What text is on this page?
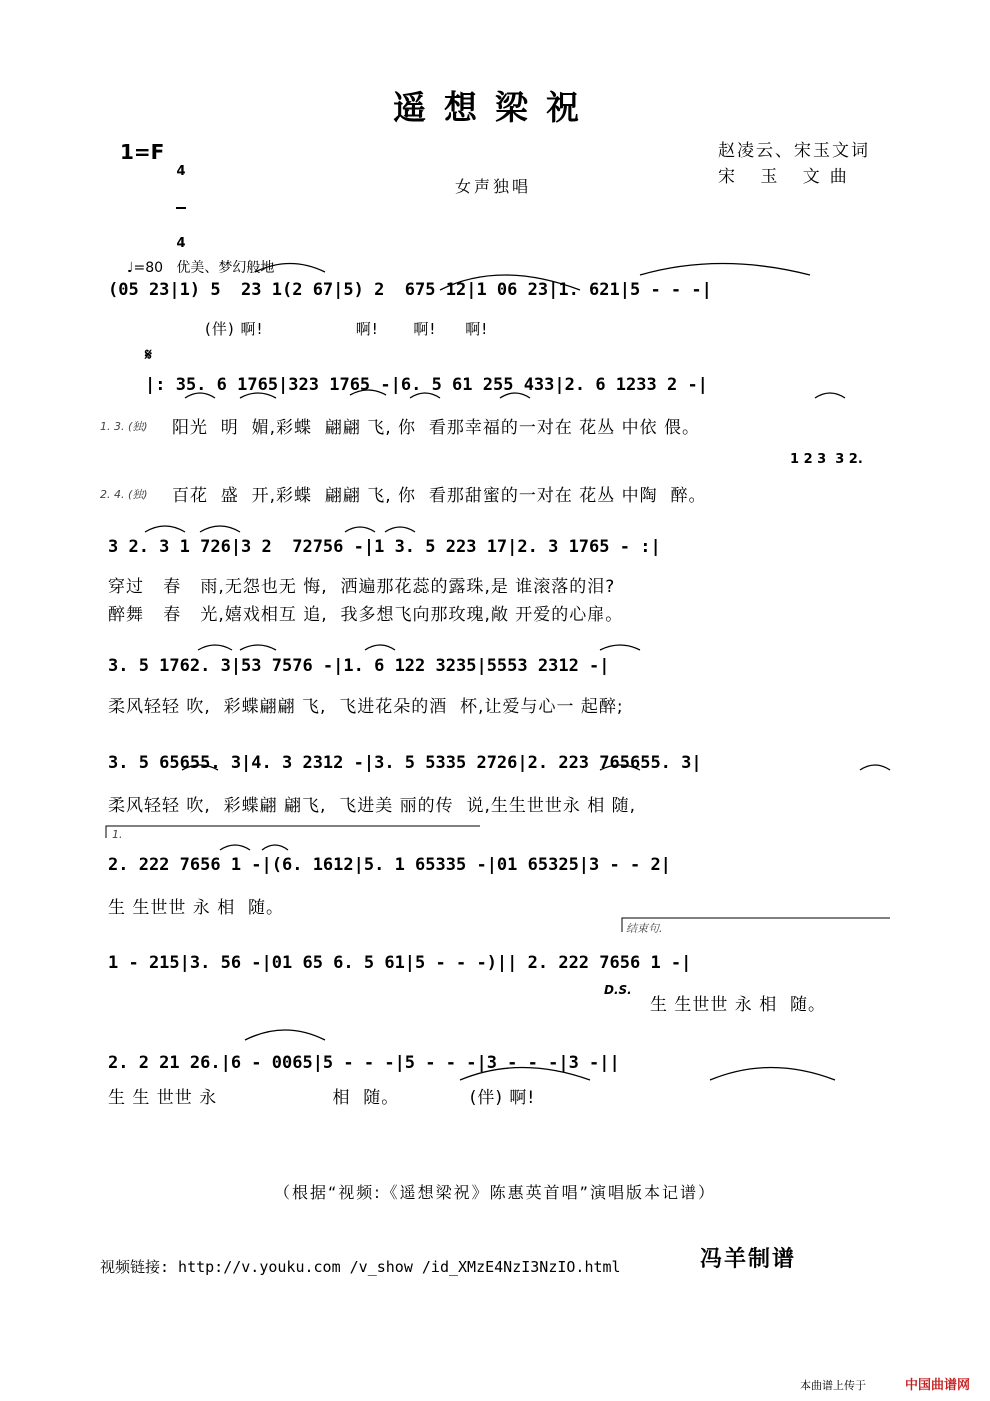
遥想梁祝
1=F

4

4

赵凌云、宋玉文词
宋 玉 文曲
女声独唱

♩=80 优美、梦幻般地

(05 23|1) 5  23 1(2 67|5) 2  675 12|1 06 23|1. 621|5 - - -|
(伴) 啊!                啊!      啊!     啊!
𝄋
|: 35. 6 1765|323 1765 -|6. 5 61 255 433|2. 6 1233 2 -|
1. 3. (独) 阳光  明  媚,彩蝶  翩翩 飞, 你  看那幸福的一对在 花丛 中依 偎。
1 2 3  3 2.
2. 4. (独) 百花  盛  开,彩蝶  翩翩 飞, 你  看那甜蜜的一对在 花丛 中陶  醉。
3 2. 3 1 726|3 2  72756 -|1 3. 5 223 17|2. 3 1765 - :|
穿过   春   雨,无怨也无 悔,  洒遍那花蕊的露珠,是 谁滚落的泪?
醉舞   春   光,嬉戏相互 追,  我多想飞向那玫瑰,敞 开爱的心扉。
3. 5 1762. 3|53 7576 -|1. 6 122 3235|5553 2312 -|
柔风轻轻 吹,  彩蝶翩翩 飞,  飞进花朵的酒  杯,让爱与心一 起醉;
3. 5 65655. 3|4. 3 2312 -|3. 5 5335 2726|2. 223 765655. 3|
柔风轻轻 吹,  彩蝶翩 翩飞,  飞进美 丽的传  说,生生世世永 相 随,
1.
2. 222 7656 1 -|(6. 1612|5. 1 65335 -|01 65325|3 - - 2|
生 生世世 永 相  随。
结束句.
1 - 215|3. 56 -|01 65 6. 5 61|5 - - -)|| 2. 222 7656 1 -|
D.S.
生 生世世 永 相  随。
2. 2 21 26.|6 - 0065|5 - - -|5 - - -|3 - - -|3 -||
生 生 世世 永                  相  随。           (伴) 啊!
（根据“视频:《遥想梁祝》陈惠英首唱”演唱版本记谱）
视频链接: http://v.youku.com /v_show /id_XMzE4NzI3NzIO.html	冯羊制谱
本曲谱上传于	中国曲谱网
